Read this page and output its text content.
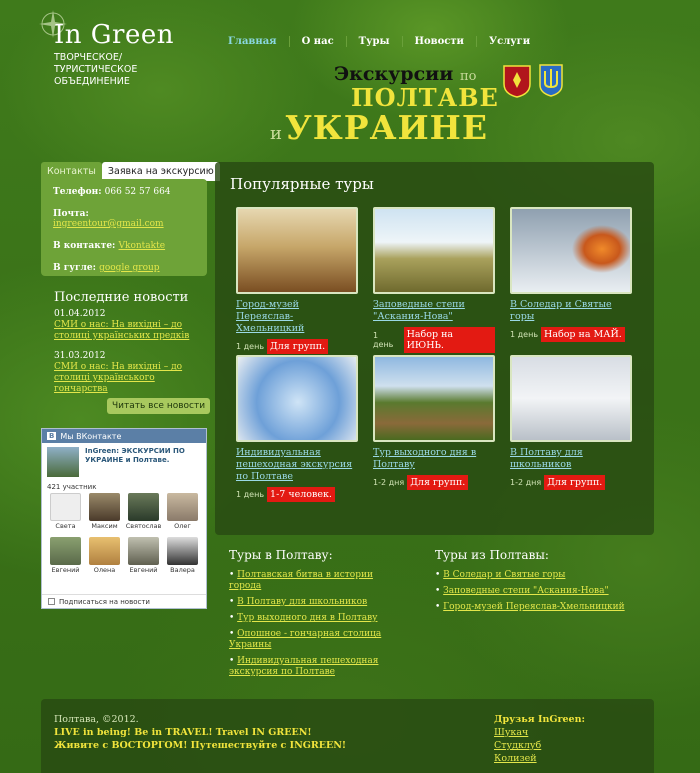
In Green
ТВОРЧЕСКОЕ/ТУРИСТИЧЕСКОЕ ОБЪЕДИНЕНИЕ
Главная	О нас	Туры	Новости	Услуги
Экскурсии по
ПОЛТАВЕ
иУКРАИНЕ
Контакты	Заявка на экскурсию
Телефон: 066 52 57 664
Почта: ingreentour@gmail.com
В контакте: Vkontakte
В гугле: google group
Последние новости
01.04.2012
СМИ о нас: На вихідні – до столиці українських предків
31.03.2012
СМИ о нас: На вихідні – до столиці українського гончарства
Читать все новости
B Мы ВКонтакте
InGreen: ЭКСКУРСИИ ПО УКРАИНЕ и Полтаве.
421 участник
Света	Максим	Святослав	Олег
Евгений	Олена	Евгений	Валера
Подписаться на новости
Популярные туры
Город-музей Переяслав-Хмельницкий
1 день Для групп.
Заповедные степи "Аскания-Нова"
1 день
Набор на ИЮНЬ.
В Соледар и Святые горы
1 день Набор на МАЙ.
Индивидуальная пешеходная экскурсия по Полтаве
1 день 1-7 человек.
Тур выходного дня в Полтаву
1-2 дня Для групп.
В Полтаву для школьников
1-2 дня Для групп.
Туры в Полтаву:
• Полтавская битва в истории города
• В Полтаву для школьников
• Тур выходного дня в Полтаву
• Опошное - гончарная столица Украины
• Индивидуальная пешеходная экскурсия по Полтаве
Туры из Полтавы:
• В Соледар и Святые горы
• Заповедные степи "Аскания-Нова"
• Город-музей Переяслав-Хмельницкий
Полтава, ©2012.
LIVE in being! Be in TRAVEL! Travel IN GREEN!
Живите с ВОСТОРГОМ! Путешествуйте с INGREEN!
Друзья InGreen:
Шукач
Студклуб
Колизей
